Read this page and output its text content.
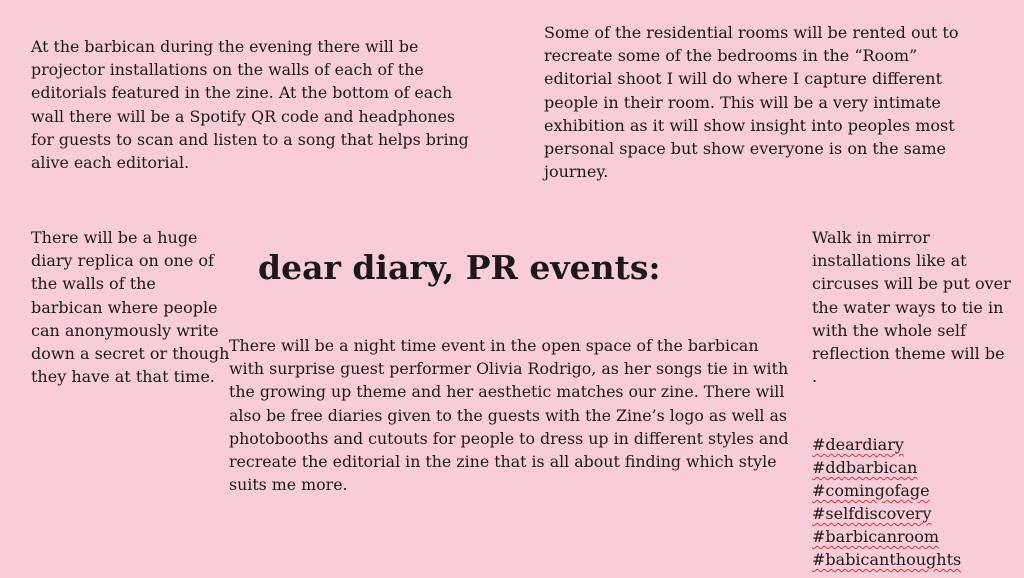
At the barbican during the evening there will be projector installations on the walls of each of the editorials featured in the zine. At the bottom of each wall there will be a Spotify QR code and headphones for guests to scan and listen to a song that helps bring alive each editorial.
Some of the residential rooms will be rented out to recreate some of the bedrooms in the “Room” editorial shoot I will do where I capture different people in their room. This will be a very intimate exhibition as it will show insight into peoples most personal space but show everyone is on the same journey.
There will be a huge diary replica on one of the walls of the barbican where people can anonymously write down a secret or though they have at that time.
dear diary, PR events:
There will be a night time event in the open space of the barbican with surprise guest performer Olivia Rodrigo, as her songs tie in with the growing up theme and her aesthetic matches our zine. There will also be free diaries given to the guests with the Zine’s logo as well as photobooths and cutouts for people to dress up in different styles and recreate the editorial in the zine that is all about finding which style suits me more.
Walk in mirror installations like at circuses will be put over the water ways to tie in with the whole self reflection theme will be .
#deardiary
#ddbarbican
#comingofage
#selfdiscovery
#barbicanroom
#babicanthoughts
